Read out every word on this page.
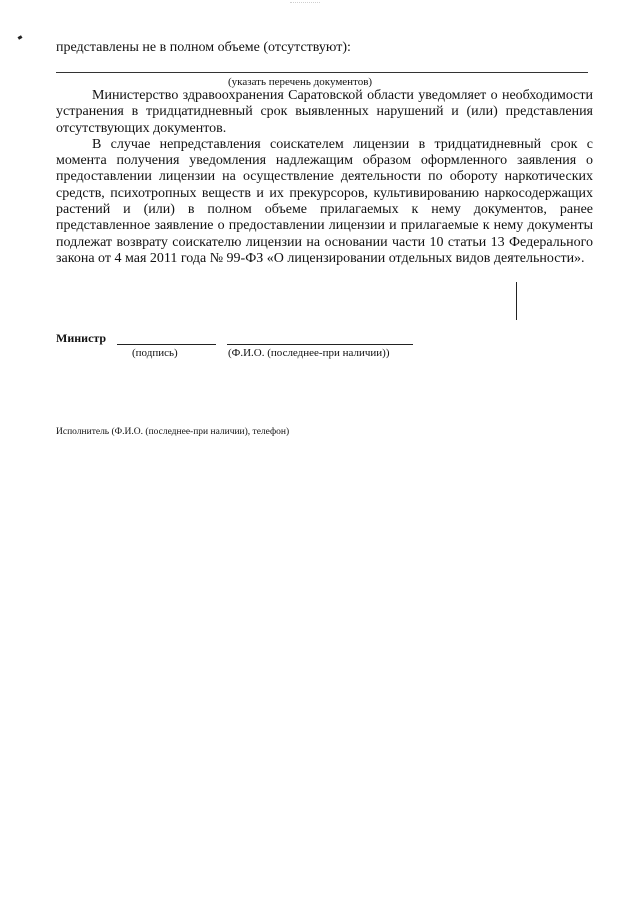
представлены не в полном объеме (отсутствуют):
(указать перечень документов)

Министерство здравоохранения Саратовской области уведомляет о необходимости устранения в тридцатидневный срок выявленных нарушений и (или) представления отсутствующих документов.

В случае непредставления соискателем лицензии в тридцатидневный срок с момента получения уведомления надлежащим образом оформленного заявления о предоставлении лицензии на осуществление деятельности по обороту наркотических средств, психотропных веществ и их прекурсоров, культивированию наркосодержащих растений и (или) в полном объеме прилагаемых к нему документов, ранее представленное заявление о предоставлении лицензии и прилагаемые к нему документы подлежат возврату соискателю лицензии на основании части 10 статьи 13 Федерального закона от 4 мая 2011 года № 99-ФЗ «О лицензировании отдельных видов деятельности».

Министр
(подпись)	(Ф.И.О. (последнее-при наличии))
Исполнитель (Ф.И.О. (последнее-при наличии), телефон)
